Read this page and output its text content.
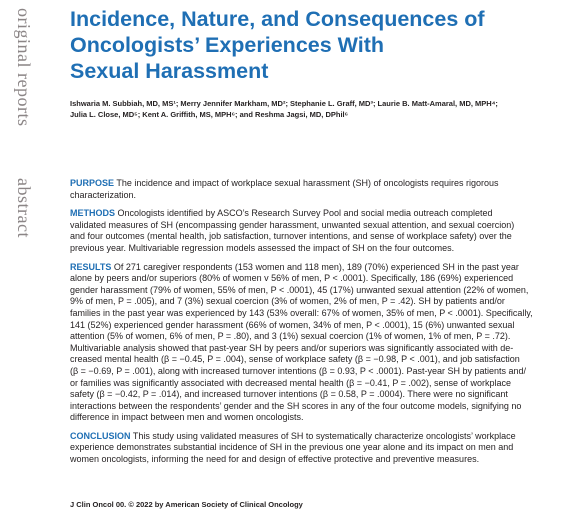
original reports
abstract
Incidence, Nature, and Consequences of
Oncologists’ Experiences With
Sexual Harassment
Ishwaria M. Subbiah, MD, MS¹; Merry Jennifer Markham, MD²; Stephanie L. Graff, MD³; Laurie B. Matt-Amaral, MD, MPH⁴;
Julia L. Close, MD⁵; Kent A. Griffith, MS, MPH⁶; and Reshma Jagsi, MD, DPhil⁶

PURPOSE The incidence and impact of workplace sexual harassment (SH) of oncologists requires rigorous
characterization.

METHODS Oncologists identified by ASCO’s Research Survey Pool and social media outreach completed
validated measures of SH (encompassing gender harassment, unwanted sexual attention, and sexual coercion)
and four outcomes (mental health, job satisfaction, turnover intentions, and sense of workplace safety) over the
previous year. Multivariable regression models assessed the impact of SH on the four outcomes.

RESULTS Of 271 caregiver respondents (153 women and 118 men), 189 (70%) experienced SH in the past year
alone by peers and/or superiors (80% of women v 56% of men, P < .0001). Specifically, 186 (69%) experienced
gender harassment (79% of women, 55% of men, P < .0001), 45 (17%) unwanted sexual attention (22% of women,
9% of men, P = .005), and 7 (3%) sexual coercion (3% of women, 2% of men, P = .42). SH by patients and/or
families in the past year was experienced by 143 (53% overall: 67% of women, 35% of men, P < .0001). Specifically,
141 (52%) experienced gender harassment (66% of women, 34% of men, P < .0001), 15 (6%) unwanted sexual
attention (5% of women, 6% of men, P = .80), and 3 (1%) sexual coercion (1% of women, 1% of men, P = .72).
Multivariable analysis showed that past-year SH by peers and/or superiors was significantly associated with de-
creased mental health (β = −0.45, P = .004), sense of workplace safety (β = −0.98, P < .001), and job satisfaction
(β = −0.69, P = .001), along with increased turnover intentions (β = 0.93, P < .0001). Past-year SH by patients and/
or families was significantly associated with decreased mental health (β = −0.41, P = .002), sense of workplace
safety (β = −0.42, P = .014), and increased turnover intentions (β = 0.58, P = .0004). There were no significant
interactions between the respondents’ gender and the SH scores in any of the four outcome models, signifying no
difference in impact between men and women oncologists.

CONCLUSION This study using validated measures of SH to systematically characterize oncologists’ workplace
experience demonstrates substantial incidence of SH in the previous one year alone and its impact on men and
women oncologists, informing the need for and design of effective protective and preventive measures.

J Clin Oncol 00. © 2022 by American Society of Clinical Oncology
